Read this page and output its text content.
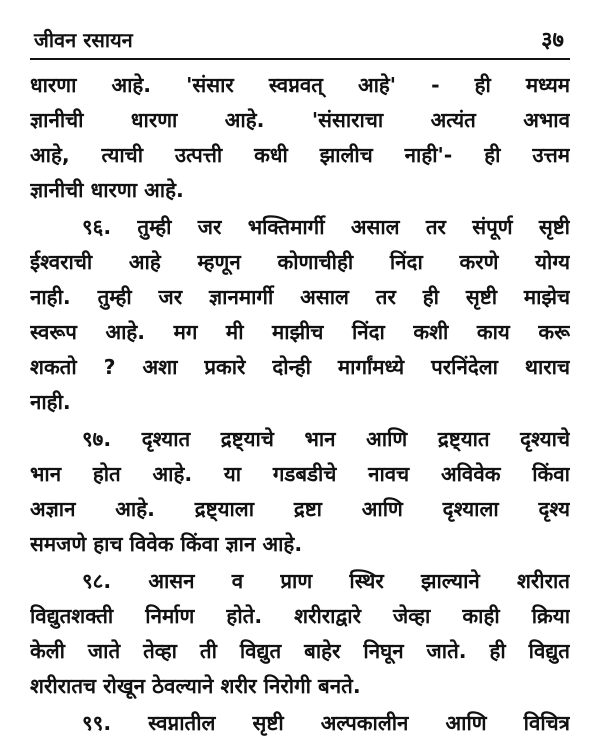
जीवन रसायन	३७
धारणा आहे. 'संसार स्वप्नवत् आहे' - ही मध्यम
ज्ञानीची धारणा आहे. 'संसाराचा अत्यंत अभाव
आहे, त्याची उत्पत्ती कधी झालीच नाही'- ही उत्तम
ज्ञानीची धारणा आहे.
९६. तुम्ही जर भक्तिमार्गी असाल तर संपूर्ण सृष्टी
ईश्वराची आहे म्हणून कोणाचीही निंदा करणे योग्य
नाही. तुम्ही जर ज्ञानमार्गी असाल तर ही सृष्टी माझेच
स्वरूप आहे. मग मी माझीच निंदा कशी काय करू
शकतो ? अशा प्रकारे दोन्ही मार्गांमध्ये परनिंदेला थाराच
नाही.
९७. दृश्यात द्रष्ट्याचे भान आणि द्रष्ट्यात दृश्याचे
भान होत आहे. या गडबडीचे नावच अविवेक किंवा
अज्ञान आहे. द्रष्ट्याला द्रष्टा आणि दृश्याला दृश्य
समजणे हाच विवेक किंवा ज्ञान आहे.
९८. आसन व प्राण स्थिर झाल्याने शरीरात
विद्युतशक्ती निर्माण होते. शरीराद्वारे जेव्हा काही क्रिया
केली जाते तेव्हा ती विद्युत बाहेर निघून जाते. ही विद्युत
शरीरातच रोखून ठेवल्याने शरीर निरोगी बनते.
९९. स्वप्नातील सृष्टी अल्पकालीन आणि विचित्र
